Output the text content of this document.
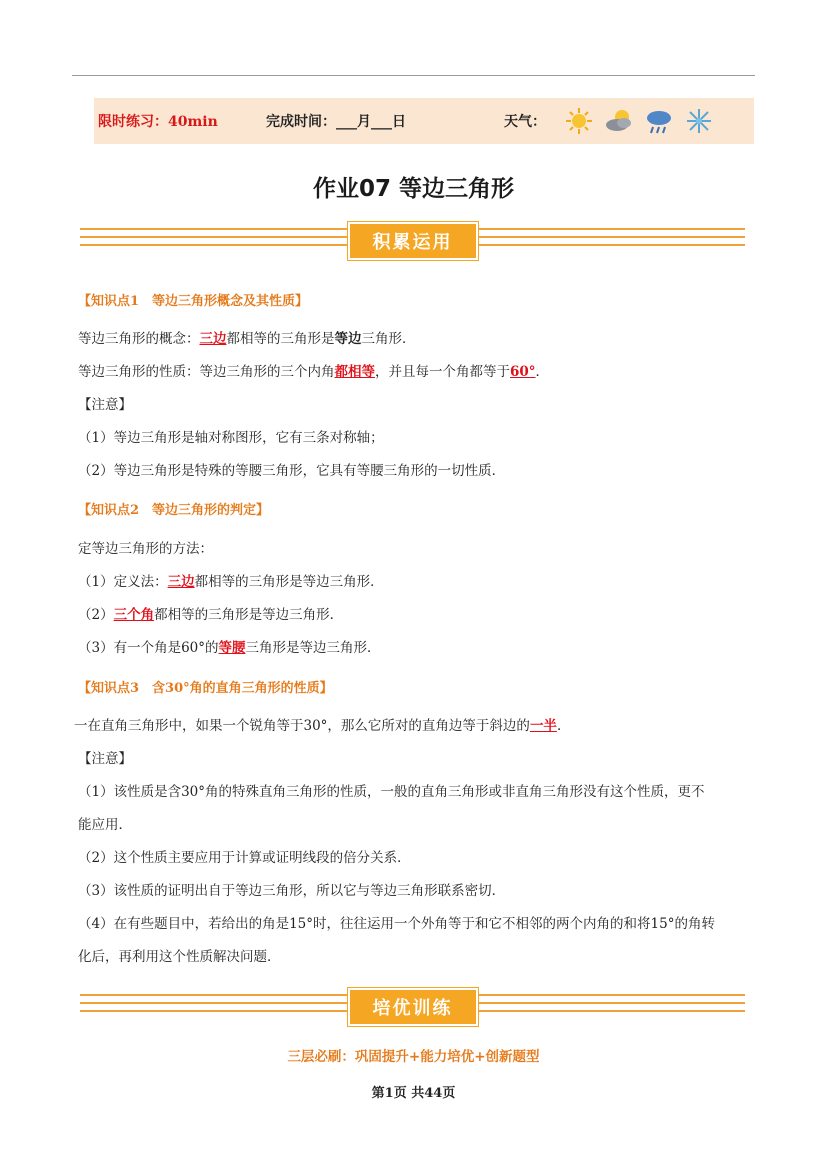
限时练习：40min	完成时间：___月___日	天气：
作业07 等边三角形
积累运用
【知识点1　等边三角形概念及其性质】
等边三角形的概念：三边都相等的三角形是等边三角形．
等边三角形的性质：等边三角形的三个内角都相等，并且每一个角都等于60°．
【注意】
（1）等边三角形是轴对称图形，它有三条对称轴；
（2）等边三角形是特殊的等腰三角形，它具有等腰三角形的一切性质．
【知识点2　等边三角形的判定】
定等边三角形的方法：
（1）定义法：三边都相等的三角形是等边三角形．
（2）三个角都相等的三角形是等边三角形．
（3）有一个角是60°的等腰三角形是等边三角形．
【知识点3　含30°角的直角三角形的性质】
一在直角三角形中，如果一个锐角等于30°，那么它所对的直角边等于斜边的一半．
【注意】
（1）该性质是含30°角的特殊直角三角形的性质，一般的直角三角形或非直角三角形没有这个性质，更不
能应用．
（2）这个性质主要应用于计算或证明线段的倍分关系．
（3）该性质的证明出自于等边三角形，所以它与等边三角形联系密切．
（4）在有些题目中，若给出的角是15°时，往往运用一个外角等于和它不相邻的两个内角的和将15°的角转
化后，再利用这个性质解决问题．
培优训练
三层必刷：巩固提升+能力培优+创新题型
第1页 共44页
